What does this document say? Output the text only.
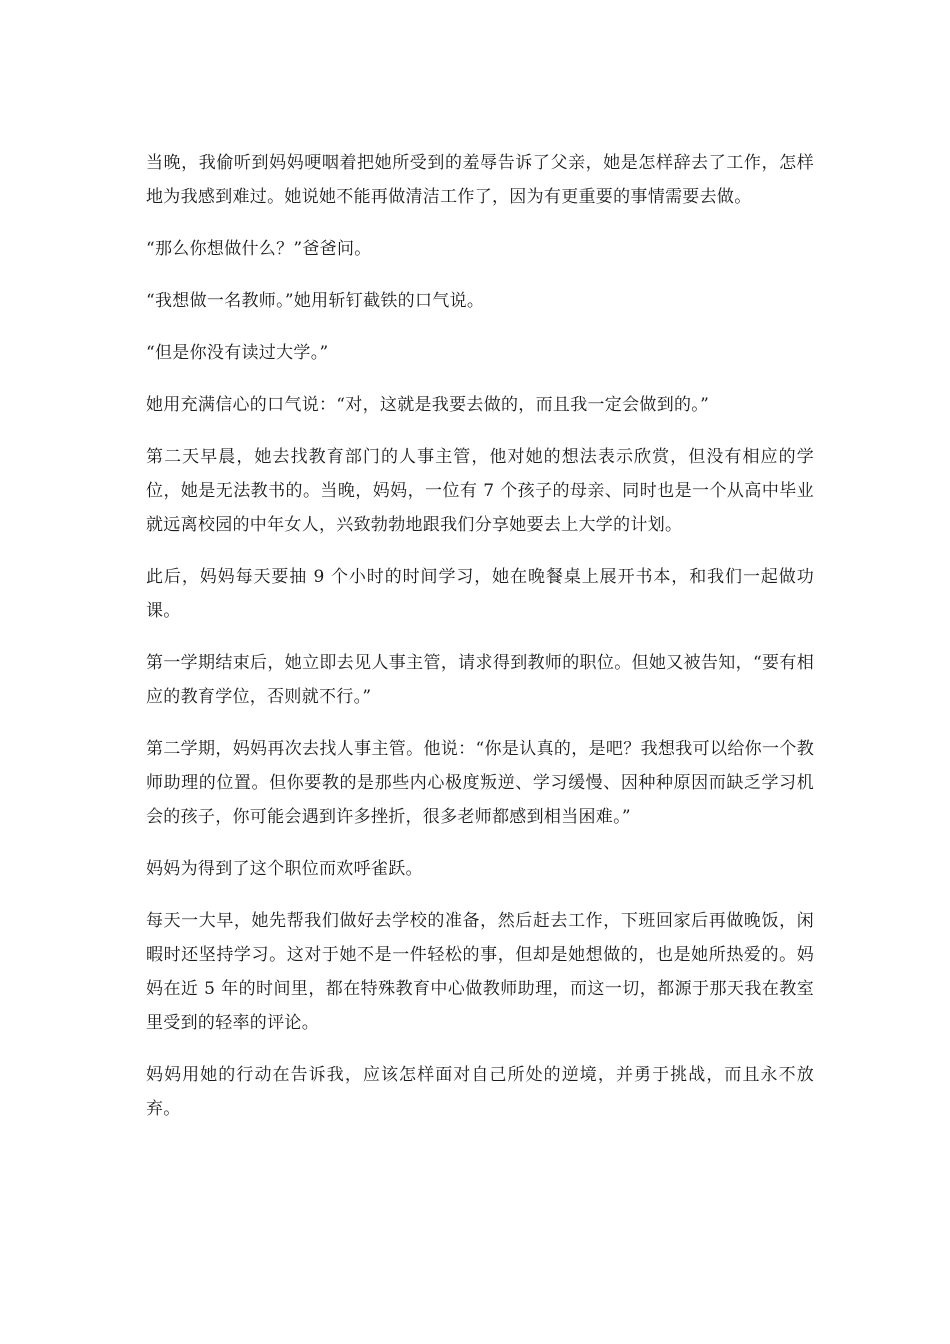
当晚，我偷听到妈妈哽咽着把她所受到的羞辱告诉了父亲，她是怎样辞去了工作，怎样地为我感到难过。她说她不能再做清洁工作了，因为有更重要的事情需要去做。

“那么你想做什么？”爸爸问。

“我想做一名教师。”她用斩钉截铁的口气说。

“但是你没有读过大学。”

她用充满信心的口气说：“对，这就是我要去做的，而且我一定会做到的。”

第二天早晨，她去找教育部门的人事主管，他对她的想法表示欣赏，但没有相应的学位，她是无法教书的。当晚，妈妈，一位有 7 个孩子的母亲、同时也是一个从高中毕业就远离校园的中年女人，兴致勃勃地跟我们分享她要去上大学的计划。

此后，妈妈每天要抽 9 个小时的时间学习，她在晚餐桌上展开书本，和我们一起做功课。

第一学期结束后，她立即去见人事主管，请求得到教师的职位。但她又被告知，“要有相应的教育学位，否则就不行。”

第二学期，妈妈再次去找人事主管。他说：“你是认真的，是吧？我想我可以给你一个教师助理的位置。但你要教的是那些内心极度叛逆、学习缓慢、因种种原因而缺乏学习机会的孩子，你可能会遇到许多挫折，很多老师都感到相当困难。”

妈妈为得到了这个职位而欢呼雀跃。

每天一大早，她先帮我们做好去学校的准备，然后赶去工作，下班回家后再做晚饭，闲暇时还坚持学习。这对于她不是一件轻松的事，但却是她想做的，也是她所热爱的。妈妈在近 5 年的时间里，都在特殊教育中心做教师助理，而这一切，都源于那天我在教室里受到的轻率的评论。

妈妈用她的行动在告诉我，应该怎样面对自己所处的逆境，并勇于挑战，而且永不放弃。
